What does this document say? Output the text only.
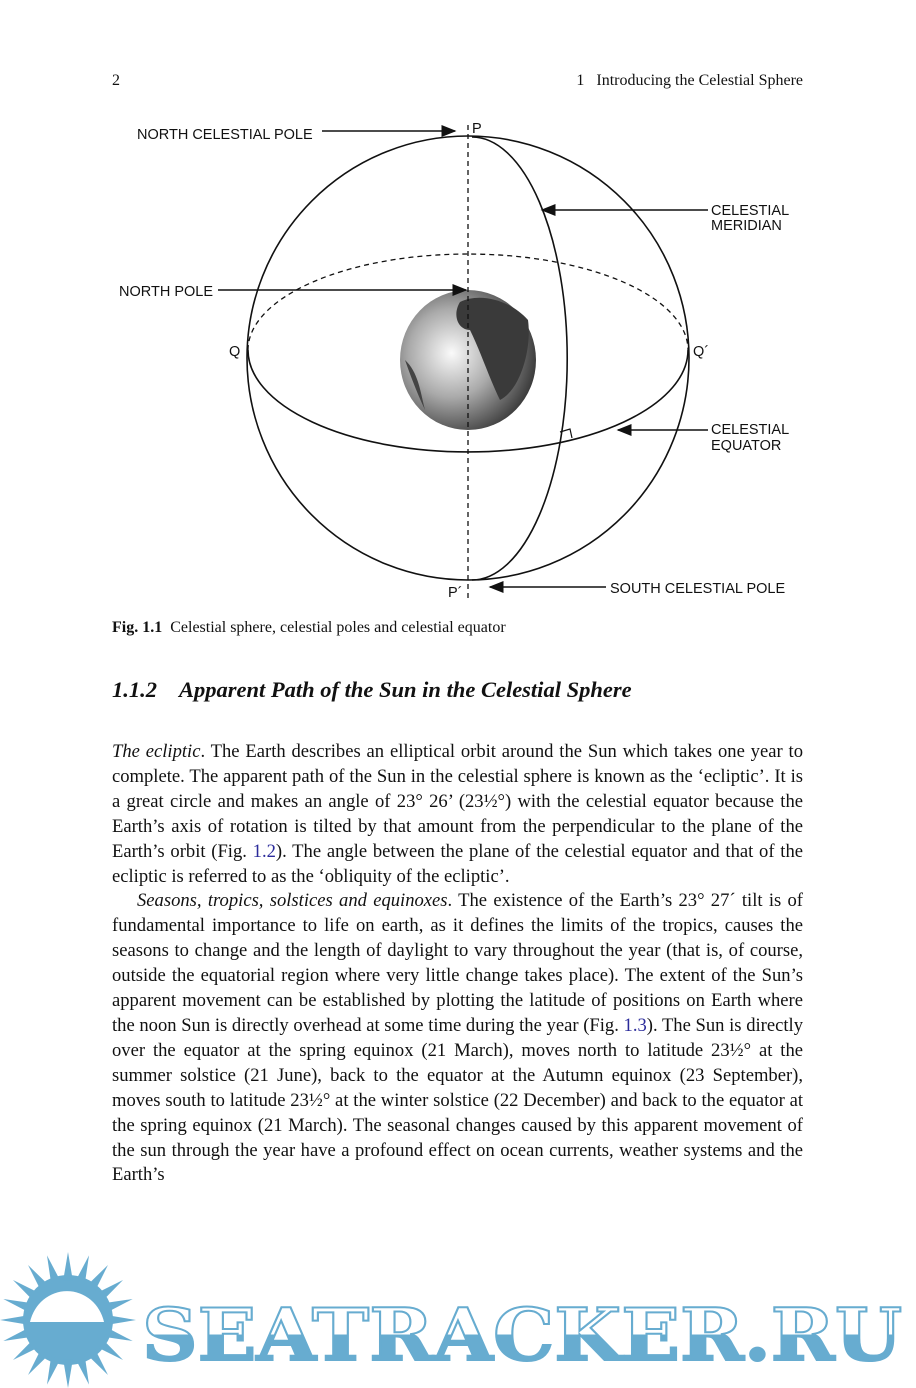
2	1   Introducing the Celestial Sphere
NORTH CELESTIAL POLE	P
CELESTIAL
MERIDIAN
NORTH POLE
Q	Q´
CELESTIAL
EQUATOR
P´	SOUTH CELESTIAL POLE
Fig. 1.1 Celestial sphere, celestial poles and celestial equator
1.1.2 Apparent Path of the Sun in the Celestial Sphere

The ecliptic. The Earth describes an elliptical orbit around the Sun which takes one year to complete. The apparent path of the Sun in the celestial sphere is known as the ‘ecliptic’. It is a great circle and makes an angle of 23° 26’ (23½°) with the celestial equator because the Earth’s axis of rotation is tilted by that amount from the perpendicular to the plane of the Earth’s orbit (Fig. 1.2). The angle between the plane of the celestial equator and that of the ecliptic is referred to as the ‘obliquity of the ecliptic’.

Seasons, tropics, solstices and equinoxes. The existence of the Earth’s 23° 27´ tilt is of fundamental importance to life on earth, as it defines the limits of the tropics, causes the seasons to change and the length of daylight to vary throughout the year (that is, of course, outside the equatorial region where very little change takes place). The extent of the Sun’s apparent movement can be established by plotting the latitude of positions on Earth where the noon Sun is directly overhead at some time during the year (Fig. 1.3). The Sun is directly over the equator at the spring equinox (21 March), moves north to latitude 23½° at the summer solstice (21 June), back to the equator at the Autumn equinox (23 September), moves south to latitude 23½° at the winter solstice (22 December) and back to the equator at the spring equinox (21 March). The seasonal changes caused by this apparent movement of the sun through the year have a profound effect on ocean currents, weather systems and the Earth’s

SEATRACKER.RU
